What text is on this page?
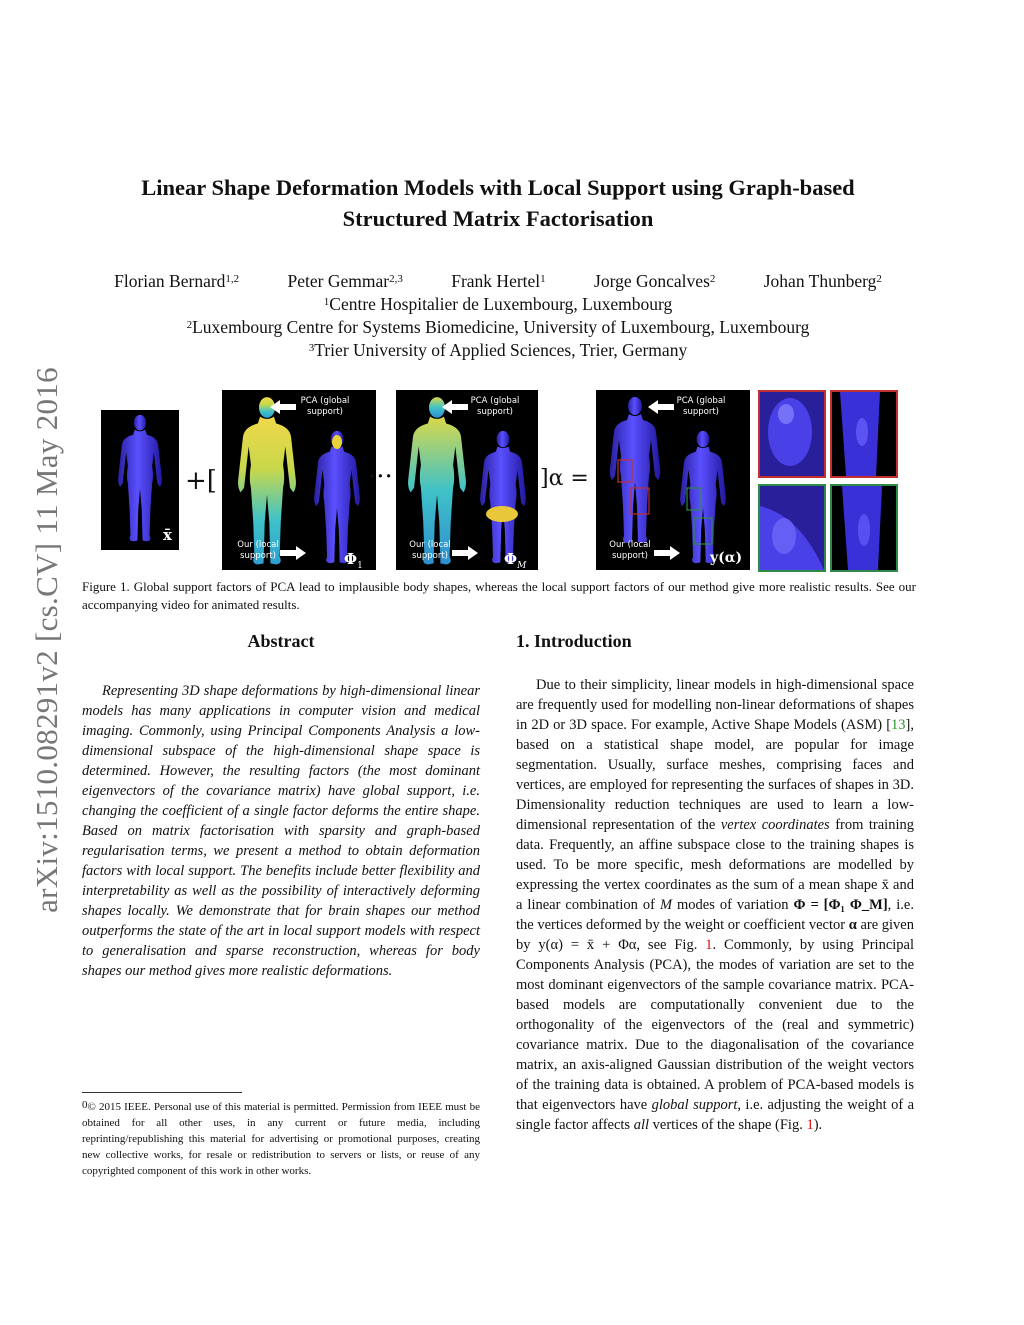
arXiv:1510.08291v2 [cs.CV] 11 May 2016
Linear Shape Deformation Models with Local Support using Graph-based
Structured Matrix Factorisation
Florian Bernard$^{1,2}$	Peter Gemmar$^{2,3}$	Frank Hertel$^1$	Jorge Goncalves$^2$	Johan Thunberg$^2$
$^1$Centre Hospitalier de Luxembourg, Luxembourg
$^2$Luxembourg Centre for Systems Biomedicine, University of Luxembourg, Luxembourg
$^3$Trier University of Applied Sciences, Trier, Germany
x̄
+[
PCA (global
support)
Our (local
support)	$\Phi_1$
···
PCA (global
support)
Our (local
support)	$\Phi_M$
]α =
PCA (global
support)
Our (local
support)	y(α)
Figure 1. Global support factors of PCA lead to implausible body shapes, whereas the local support factors of our method give more realistic results. See our accompanying video for animated results.
Abstract
Representing 3D shape deformations by high-dimensional linear models has many applications in computer vision and medical imaging. Commonly, using Principal Components Analysis a low-dimensional subspace of the high-dimensional shape space is determined. However, the resulting factors (the most dominant eigenvectors of the covariance matrix) have global support, i.e. changing the coefficient of a single factor deforms the entire shape. Based on matrix factorisation with sparsity and graph-based regularisation terms, we present a method to obtain deformation factors with local support. The benefits include better flexibility and interpretability as well as the possibility of interactively deforming shapes locally. We demonstrate that for brain shapes our method outperforms the state of the art in local support models with respect to generalisation and sparse reconstruction, whereas for body shapes our method gives more realistic deformations.
$^0$© 2015 IEEE. Personal use of this material is permitted. Permission from IEEE must be obtained for all other uses, in any current or future media, including reprinting/republishing this material for advertising or promotional purposes, creating new collective works, for resale or redistribution to servers or lists, or reuse of any copyrighted component of this work in other works.
1. Introduction
Due to their simplicity, linear models in high-dimensional space are frequently used for modelling non-linear deformations of shapes in 2D or 3D space. For example, Active Shape Models (ASM) [13], based on a statistical shape model, are popular for image segmentation. Usually, surface meshes, comprising faces and vertices, are employed for representing the surfaces of shapes in 3D. Dimensionality reduction techniques are used to learn a low-dimensional representation of the vertex coordinates from training data. Frequently, an affine subspace close to the training shapes is used. To be more specific, mesh deformations are modelled by expressing the vertex coordinates as the sum of a mean shape x̄ and a linear combination of M modes of variation Φ = [Φ₁ Φ_M], i.e. the vertices deformed by the weight or coefficient vector α are given by y(α) = x̄ + Φα, see Fig. 1. Commonly, by using Principal Components Analysis (PCA), the modes of variation are set to the most dominant eigenvectors of the sample covariance matrix. PCA-based models are computationally convenient due to the orthogonality of the eigenvectors of the (real and symmetric) covariance matrix. Due to the diagonalisation of the covariance matrix, an axis-aligned Gaussian distribution of the weight vectors of the training data is obtained. A problem of PCA-based models is that eigenvectors have global support, i.e. adjusting the weight of a single factor affects all vertices of the shape (Fig. 1).
